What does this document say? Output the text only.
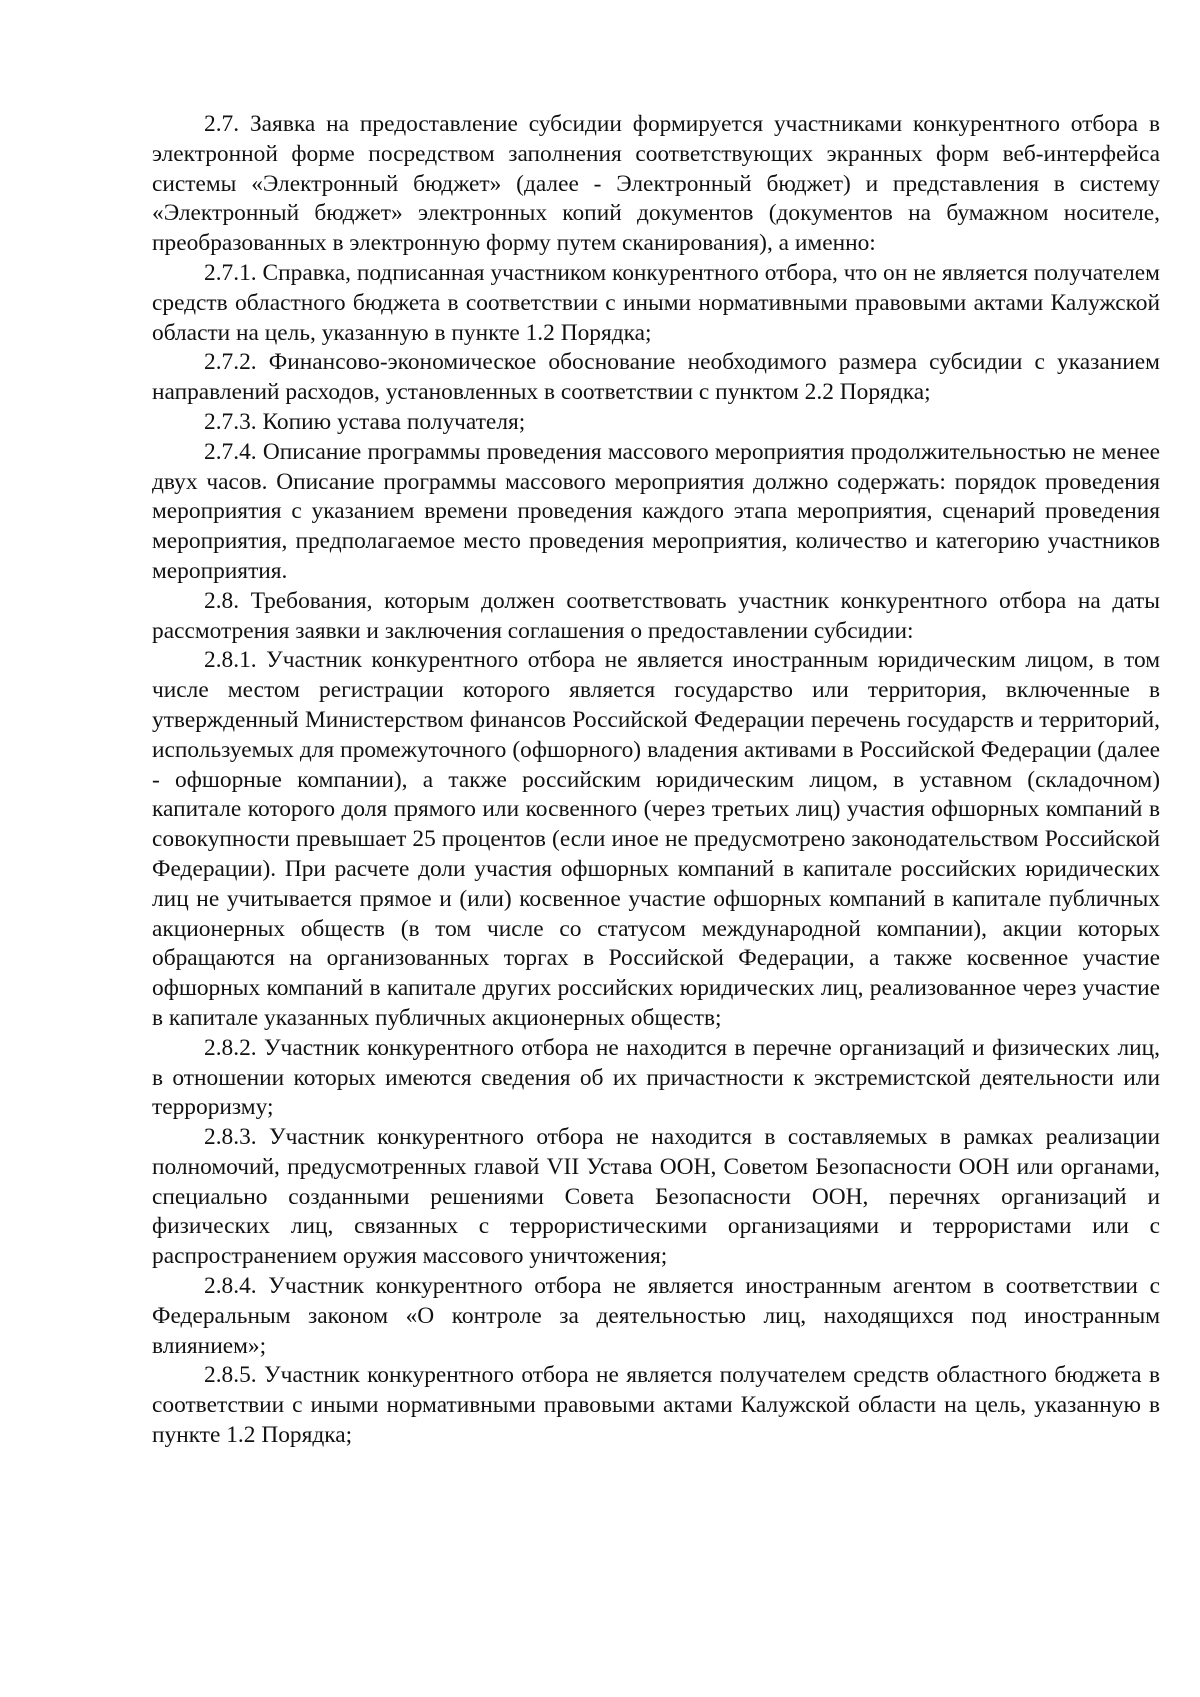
2.7. Заявка на предоставление субсидии формируется участниками конкурентного отбора в электронной форме посредством заполнения соответствующих экранных форм веб-интерфейса системы «Электронный бюджет» (далее - Электронный бюджет) и представления в систему «Электронный бюджет» электронных копий документов (документов на бумажном носителе, преобразованных в электронную форму путем сканирования), а именно:

2.7.1. Справка, подписанная участником конкурентного отбора, что он не является получателем средств областного бюджета в соответствии с иными нормативными правовыми актами Калужской области на цель, указанную в пункте 1.2 Порядка;

2.7.2. Финансово-экономическое обоснование необходимого размера субсидии с указанием направлений расходов, установленных в соответствии с пунктом 2.2 Порядка;

2.7.3. Копию устава получателя;

2.7.4. Описание программы проведения массового мероприятия продолжительностью не менее двух часов. Описание программы массового мероприятия должно содержать: порядок проведения мероприятия с указанием времени проведения каждого этапа мероприятия, сценарий проведения мероприятия, предполагаемое место проведения мероприятия, количество и категорию участников мероприятия.

2.8. Требования, которым должен соответствовать участник конкурентного отбора на даты рассмотрения заявки и заключения соглашения о предоставлении субсидии:

2.8.1. Участник конкурентного отбора не является иностранным юридическим лицом, в том числе местом регистрации которого является государство или территория, включенные в утвержденный Министерством финансов Российской Федерации перечень государств и территорий, используемых для промежуточного (офшорного) владения активами в Российской Федерации (далее - офшорные компании), а также российским юридическим лицом, в уставном (складочном) капитале которого доля прямого или косвенного (через третьих лиц) участия офшорных компаний в совокупности превышает 25 процентов (если иное не предусмотрено законодательством Российской Федерации). При расчете доли участия офшорных компаний в капитале российских юридических лиц не учитывается прямое и (или) косвенное участие офшорных компаний в капитале публичных акционерных обществ (в том числе со статусом международной компании), акции которых обращаются на организованных торгах в Российской Федерации, а также косвенное участие офшорных компаний в капитале других российских юридических лиц, реализованное через участие в капитале указанных публичных акционерных обществ;

2.8.2. Участник конкурентного отбора не находится в перечне организаций и физических лиц, в отношении которых имеются сведения об их причастности к экстремистской деятельности или терроризму;

2.8.3. Участник конкурентного отбора не находится в составляемых в рамках реализации полномочий, предусмотренных главой VII Устава ООН, Советом Безопасности ООН или органами, специально созданными решениями Совета Безопасности ООН, перечнях организаций и физических лиц, связанных с террористическими организациями и террористами или с распространением оружия массового уничтожения;

2.8.4. Участник конкурентного отбора не является иностранным агентом в соответствии с Федеральным законом «О контроле за деятельностью лиц, находящихся под иностранным влиянием»;

2.8.5. Участник конкурентного отбора не является получателем средств областного бюджета в соответствии с иными нормативными правовыми актами Калужской области на цель, указанную в пункте 1.2 Порядка;
